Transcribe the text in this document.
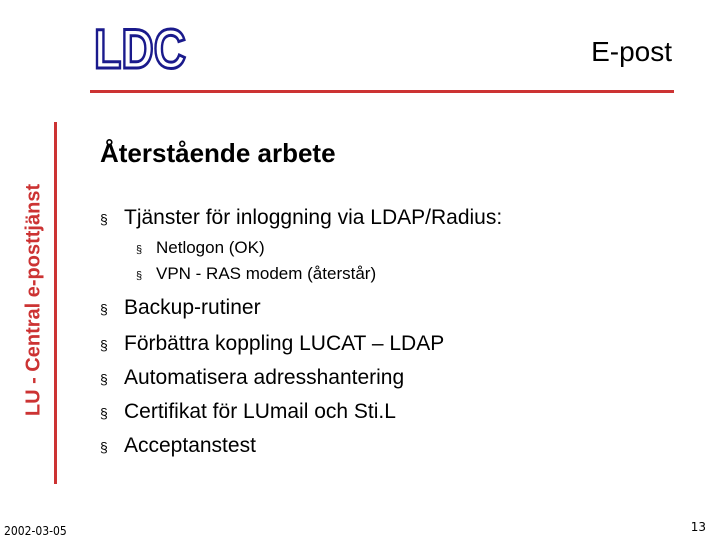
LU - Central e-posttjänst
LDC	E-post
Återstående arbete
§ Tjänster för inloggning via LDAP/Radius:
§ Netlogon (OK)
§ VPN - RAS modem (återstår)
§ Backup-rutiner
§ Förbättra koppling LUCAT – LDAP
§ Automatisera adresshantering
§ Certifikat för LUmail och Sti.L
§ Acceptanstest
2002-03-05	13
